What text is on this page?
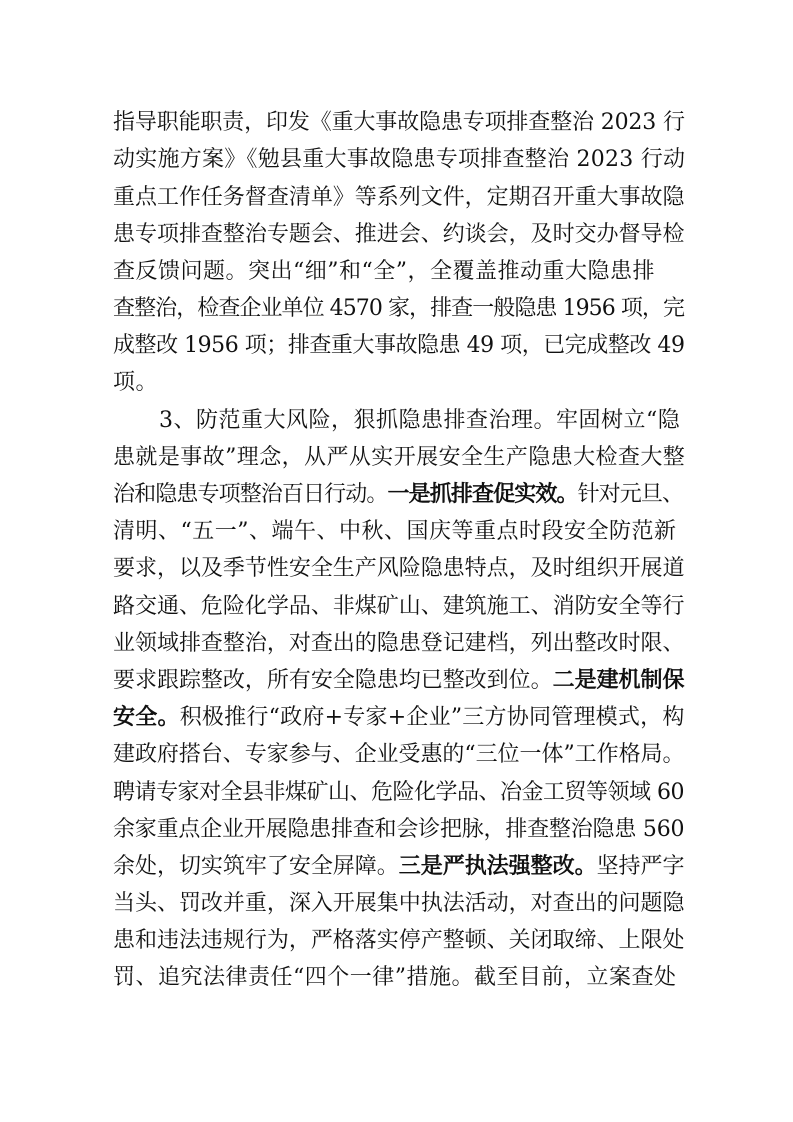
指导职能职责，印发《重大事故隐患专项排查整治 2023 行
动实施方案》《勉县重大事故隐患专项排查整治 2023 行动
重点工作任务督查清单》等系列文件，定期召开重大事故隐
患专项排查整治专题会、推进会、约谈会，及时交办督导检
查反馈问题。突出“细”和“全”，全覆盖推动重大隐患排
查整治，检查企业单位 4570 家，排查一般隐患 1956 项，完
成整改 1956 项；排查重大事故隐患 49 项，已完成整改 49
项。
3、防范重大风险，狠抓隐患排查治理。牢固树立“隐
患就是事故”理念，从严从实开展安全生产隐患大检查大整
治和隐患专项整治百日行动。一是抓排查促实效。针对元旦、
清明、“五一”、端午、中秋、国庆等重点时段安全防范新
要求，以及季节性安全生产风险隐患特点，及时组织开展道
路交通、危险化学品、非煤矿山、建筑施工、消防安全等行
业领域排查整治，对查出的隐患登记建档，列出整改时限、
要求跟踪整改，所有安全隐患均已整改到位。二是建机制保
安全。积极推行“政府+专家+企业”三方协同管理模式，构
建政府搭台、专家参与、企业受惠的“三位一体”工作格局。
聘请专家对全县非煤矿山、危险化学品、冶金工贸等领域 60
余家重点企业开展隐患排查和会诊把脉，排查整治隐患 560
余处，切实筑牢了安全屏障。三是严执法强整改。坚持严字
当头、罚改并重，深入开展集中执法活动，对查出的问题隐
患和违法违规行为，严格落实停产整顿、关闭取缔、上限处
罚、追究法律责任“四个一律”措施。截至目前，立案查处
